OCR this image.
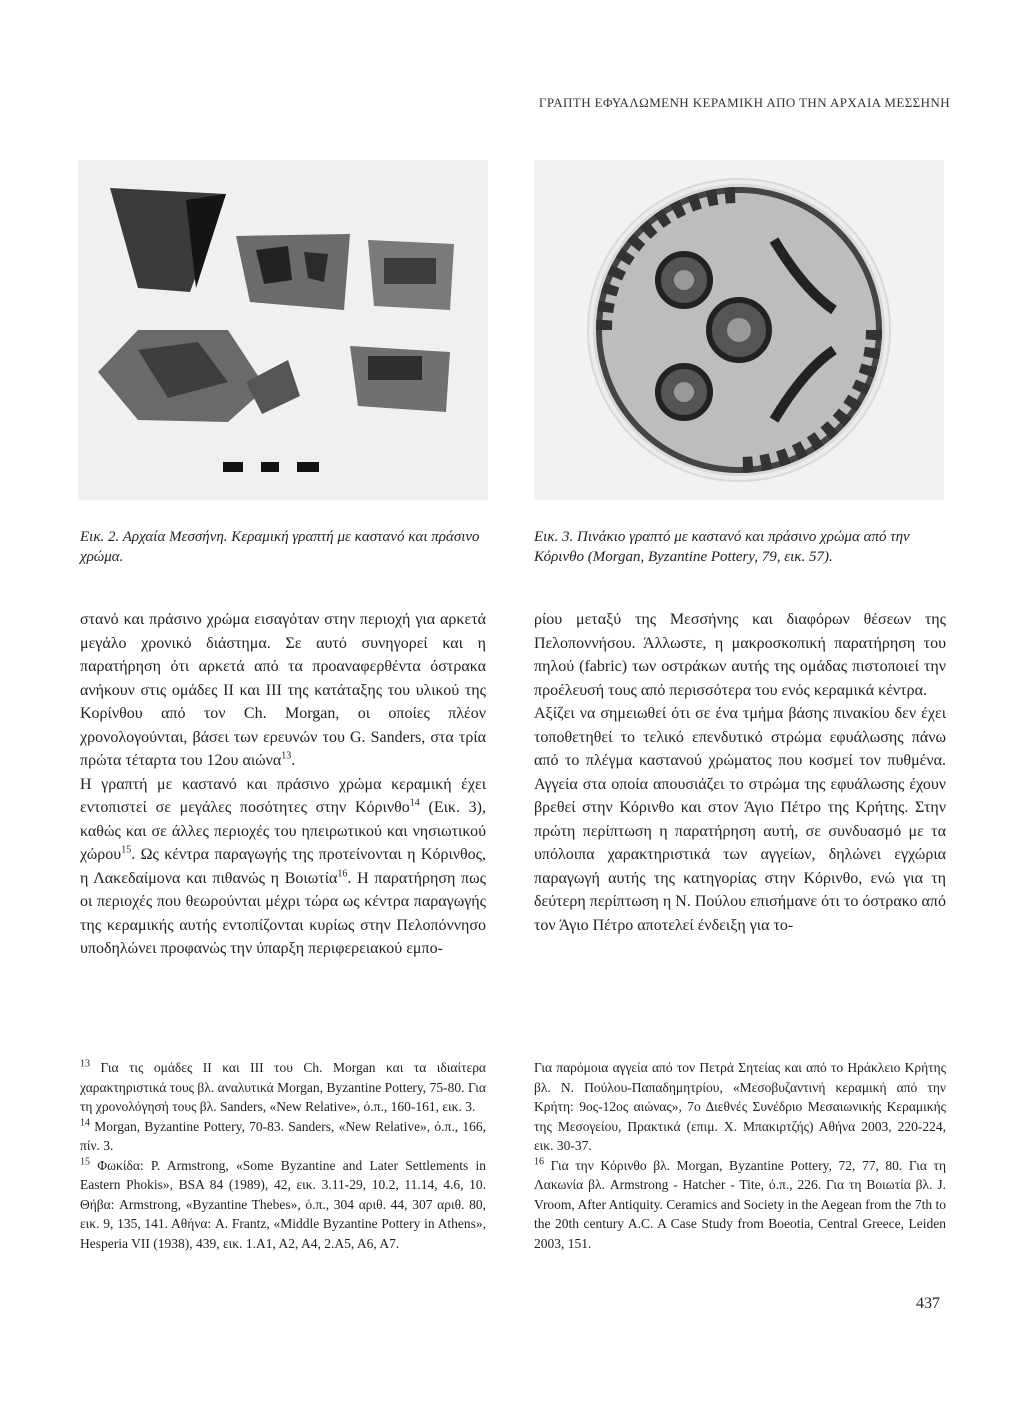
ΓΡΑΠΤΗ ΕΦΥΑΛΩΜΕΝΗ ΚΕΡΑΜΙΚΗ ΑΠΟ ΤΗΝ ΑΡΧΑΙΑ ΜΕΣΣΗΝΗ
Εικ. 2. Αρχαία Μεσσήνη. Κεραμική γραπτή με καστανό και πράσινο χρώμα.
Εικ. 3. Πινάκιο γραπτό με καστανό και πράσινο χρώμα από την Κόρινθο (Morgan, Byzantine Pottery, 79, εικ. 57).

στανό και πράσινο χρώμα εισαγόταν στην περιοχή για αρκετά μεγάλο χρονικό διάστημα. Σε αυτό συνηγορεί και η παρατήρηση ότι αρκετά από τα προαναφερθέντα όστρακα ανήκουν στις ομάδες ΙΙ και ΙΙΙ της κατάταξης του υλικού της Κορίνθου από τον Ch. Morgan, οι οποίες πλέον χρονολογούνται, βάσει των ερευνών του G. Sanders, στα τρία πρώτα τέταρτα του 12ου αιώνα$^{13}$.

Η γραπτή με καστανό και πράσινο χρώμα κεραμική έχει εντοπιστεί σε μεγάλες ποσότητες στην Κόρινθο$^{14}$ (Εικ. 3), καθώς και σε άλλες περιοχές του ηπειρωτικού και νησιωτικού χώρου$^{15}$. Ως κέντρα παραγωγής της προτείνονται η Κόρινθος, η Λακεδαίμονα και πιθανώς η Βοιωτία$^{16}$. Η παρατήρηση πως οι περιοχές που θεωρούνται μέχρι τώρα ως κέντρα παραγωγής της κεραμικής αυτής εντοπίζονται κυρίως στην Πελοπόννησο υποδηλώνει προφανώς την ύπαρξη περιφερειακού εμπο-

ρίου μεταξύ της Μεσσήνης και διαφόρων θέσεων της Πελοποννήσου. Άλλωστε, η μακροσκοπική παρατήρηση του πηλού (fabric) των οστράκων αυτής της ομάδας πιστοποιεί την προέλευσή τους από περισσότερα του ενός κεραμικά κέντρα.

Αξίζει να σημειωθεί ότι σε ένα τμήμα βάσης πινακίου δεν έχει τοποθετηθεί το τελικό επενδυτικό στρώμα εφυάλωσης πάνω από το πλέγμα καστανού χρώματος που κοσμεί τον πυθμένα. Αγγεία στα οποία απουσιάζει το στρώμα της εφυάλωσης έχουν βρεθεί στην Κόρινθο και στον Άγιο Πέτρο της Κρήτης. Στην πρώτη περίπτωση η παρατήρηση αυτή, σε συνδυασμό με τα υπόλοιπα χαρακτηριστικά των αγγείων, δηλώνει εγχώρια παραγωγή αυτής της κατηγορίας στην Κόρινθο, ενώ για τη δεύτερη περίπτωση η Ν. Πούλου επισήμανε ότι το όστρακο από τον Άγιο Πέτρο αποτελεί ένδειξη για το-

$^{13}$ Για τις ομάδες ΙΙ και ΙΙΙ του Ch. Morgan και τα ιδιαίτερα χαρακτηριστικά τους βλ. αναλυτικά Morgan, Byzantine Pottery, 75-80. Για τη χρονολόγησή τους βλ. Sanders, «New Relative», ό.π., 160-161, εικ. 3.

$^{14}$ Morgan, Byzantine Pottery, 70-83. Sanders, «New Relative», ό.π., 166, πίν. 3.

$^{15}$ Φωκίδα: P. Armstrong, «Some Byzantine and Later Settlements in Eastern Phokis», BSA 84 (1989), 42, εικ. 3.11-29, 10.2, 11.14, 4.6, 10. Θήβα: Armstrong, «Byzantine Thebes», ό.π., 304 αριθ. 44, 307 αριθ. 80, εικ. 9, 135, 141. Αθήνα: A. Frantz, «Middle Byzantine Pottery in Athens», Hesperia VII (1938), 439, εικ. 1.A1, A2, A4, 2.A5, A6, A7.

Για παρόμοια αγγεία από τον Πετρά Σητείας και από το Ηράκλειο Κρήτης βλ. Ν. Πούλου-Παπαδημητρίου, «Μεσοβυζαντινή κεραμική από την Κρήτη: 9ος-12ος αιώνας», 7ο Διεθνές Συνέδριο Μεσαιωνικής Κεραμικής της Μεσογείου, Πρακτικά (επιμ. Χ. Μπακιρτζής) Αθήνα 2003, 220-224, εικ. 30-37.

$^{16}$ Για την Κόρινθο βλ. Morgan, Byzantine Pottery, 72, 77, 80. Για τη Λακωνία βλ. Armstrong - Hatcher - Tite, ό.π., 226. Για τη Βοιωτία βλ. J. Vroom, After Antiquity. Ceramics and Society in the Aegean from the 7th to the 20th century A.C. A Case Study from Boeotia, Central Greece, Leiden 2003, 151.

437
